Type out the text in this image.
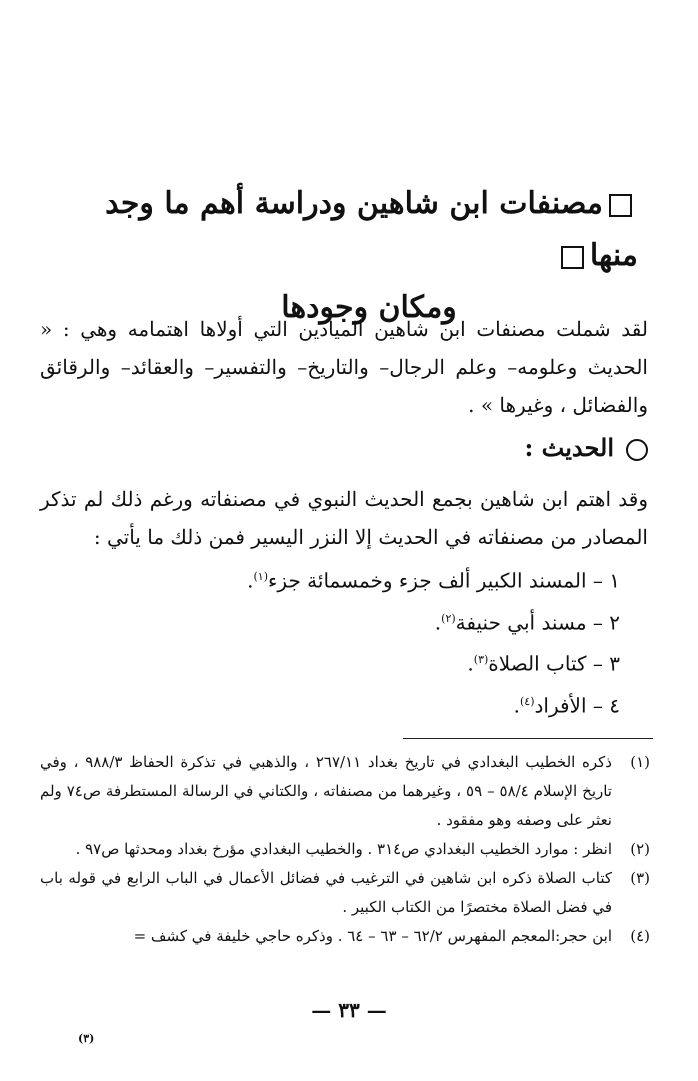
مصنفات ابن شاهين ودراسة أهم ما وجد منها
ومكان وجودها
لقد شملت مصنفات ابن شاهين الميادين التي أولاها اهتمامه وهي : « الحديث وعلومه– وعلم الرجال– والتاريخ– والتفسير– والعقائد– والرقائق والفضائل ، وغيرها » .
الحديث :
وقد اهتم ابن شاهين بجمع الحديث النبوي في مصنفاته ورغم ذلك لم تذكر المصادر من مصنفاته في الحديث إلا النزر اليسير فمن ذلك ما يأتي :
١ – المسند الكبير ألف جزء وخمسمائة جزء$^{(١)}$.
٢ – مسند أبي حنيفة$^{(٢)}$.
٣ – كتاب الصلاة$^{(٣)}$.
٤ – الأفراد$^{(٤)}$.
(١)
ذكره الخطيب البغدادي في تاريخ بغداد ٢٦٧/١١ ، والذهبي في تذكرة الحفاظ ٩٨٨/٣ ، وفي تاريخ الإسلام ٥٨/٤ – ٥٩ ، وغيرهما من مصنفاته ، والكتاني في الرسالة المستطرفة ص٧٤ ولم نعثر على وصفه وهو مفقود .
(٢)
انظر : موارد الخطيب البغدادي ص٣١٤ . والخطيب البغدادي مؤرخ بغداد ومحدثها ص٩٧ .
(٣)
كتاب الصلاة ذكره ابن شاهين في الترغيب في فضائل الأعمال في الباب الرابع في قوله باب في فضل الصلاة مختصرًا من الكتاب الكبير .
(٤)
ابن حجر:المعجم المفهرس ٦٢/٢ – ٦٣ – ٦٤ . وذكره حاجي خليفة في كشف =
— ٣٣ —
(٣)
